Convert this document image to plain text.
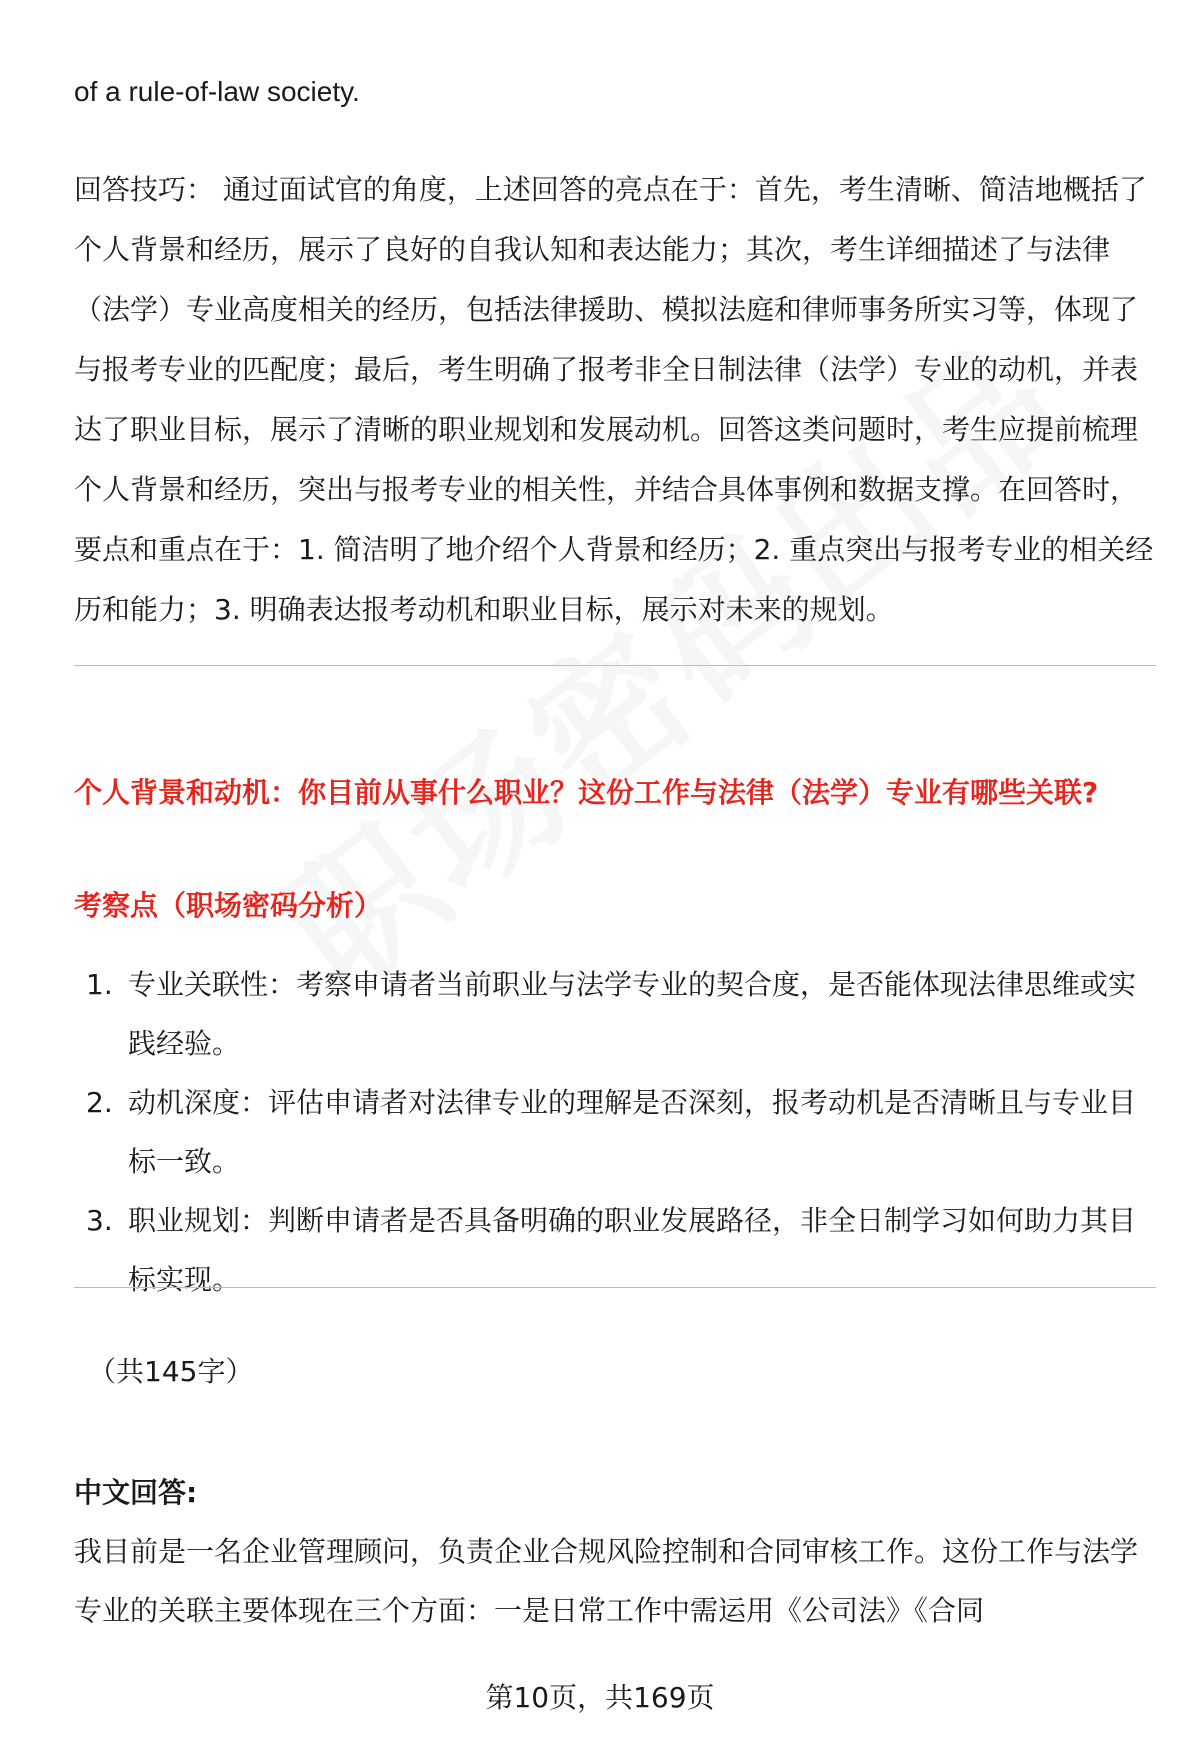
of a rule-of-law society.

回答技巧： 通过面试官的角度，上述回答的亮点在于：首先，考生清晰、简洁地概括了个人背景和经历，展示了良好的自我认知和表达能力；其次，考生详细描述了与法律（法学）专业高度相关的经历，包括法律援助、模拟法庭和律师事务所实习等，体现了与报考专业的匹配度；最后，考生明确了报考非全日制法律（法学）专业的动机，并表达了职业目标，展示了清晰的职业规划和发展动机。回答这类问题时，考生应提前梳理个人背景和经历，突出与报考专业的相关性，并结合具体事例和数据支撑。在回答时，要点和重点在于：1. 简洁明了地介绍个人背景和经历；2. 重点突出与报考专业的相关经历和能力；3. 明确表达报考动机和职业目标，展示对未来的规划。

个人背景和动机：你目前从事什么职业？这份工作与法律（法学）专业有哪些关联?
考察点（职场密码分析）
1. 专业关联性：考察申请者当前职业与法学专业的契合度，是否能体现法律思维或实践经验。
2. 动机深度：评估申请者对法律专业的理解是否深刻，报考动机是否清晰且与专业目标一致。
3. 职业规划：判断申请者是否具备明确的职业发展路径，非全日制学习如何助力其目标实现。
（共145字）
中文回答:

我目前是一名企业管理顾问，负责企业合规风险控制和合同审核工作。这份工作与法学专业的关联主要体现在三个方面：一是日常工作中需运用《公司法》《合同

第10页，共169页
